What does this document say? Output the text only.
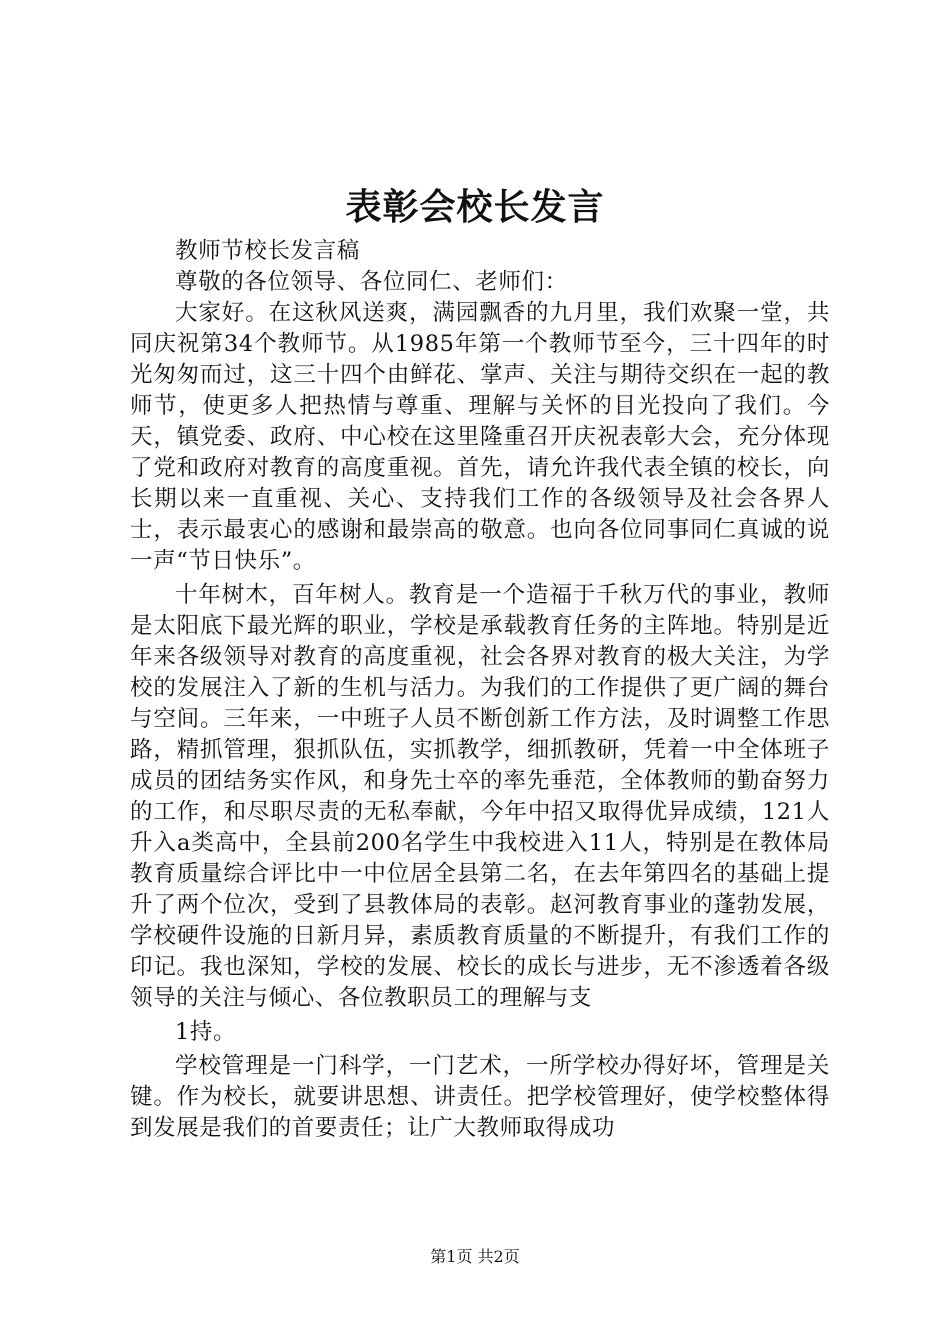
表彰会校长发言

教师节校长发言稿

尊敬的各位领导、各位同仁、老师们：

大家好。在这秋风送爽，满园飘香的九月里，我们欢聚一堂，共同庆祝第34个教师节。从1985年第一个教师节至今，三十四年的时光匆匆而过，这三十四个由鲜花、掌声、关注与期待交织在一起的教师节，使更多人把热情与尊重、理解与关怀的目光投向了我们。今天，镇党委、政府、中心校在这里隆重召开庆祝表彰大会，充分体现了党和政府对教育的高度重视。首先，请允许我代表全镇的校长，向长期以来一直重视、关心、支持我们工作的各级领导及社会各界人士，表示最衷心的感谢和最崇高的敬意。也向各位同事同仁真诚的说一声“节日快乐”。

十年树木，百年树人。教育是一个造福于千秋万代的事业，教师是太阳底下最光辉的职业，学校是承载教育任务的主阵地。特别是近年来各级领导对教育的高度重视，社会各界对教育的极大关注，为学校的发展注入了新的生机与活力。为我们的工作提供了更广阔的舞台与空间。三年来，一中班子人员不断创新工作方法，及时调整工作思路，精抓管理，狠抓队伍，实抓教学，细抓教研，凭着一中全体班子成员的团结务实作风，和身先士卒的率先垂范，全体教师的勤奋努力的工作，和尽职尽责的无私奉献，今年中招又取得优异成绩，121人升入a类高中，全县前200名学生中我校进入11人，特别是在教体局教育质量综合评比中一中位居全县第二名，在去年第四名的基础上提升了两个位次，受到了县教体局的表彰。赵河教育事业的蓬勃发展，学校硬件设施的日新月异，素质教育质量的不断提升，有我们工作的印记。我也深知，学校的发展、校长的成长与进步，无不渗透着各级领导的关注与倾心、各位教职员工的理解与支

1持。

学校管理是一门科学，一门艺术，一所学校办得好坏，管理是关键。作为校长，就要讲思想、讲责任。把学校管理好，使学校整体得到发展是我们的首要责任；让广大教师取得成功

第1页 共2页
